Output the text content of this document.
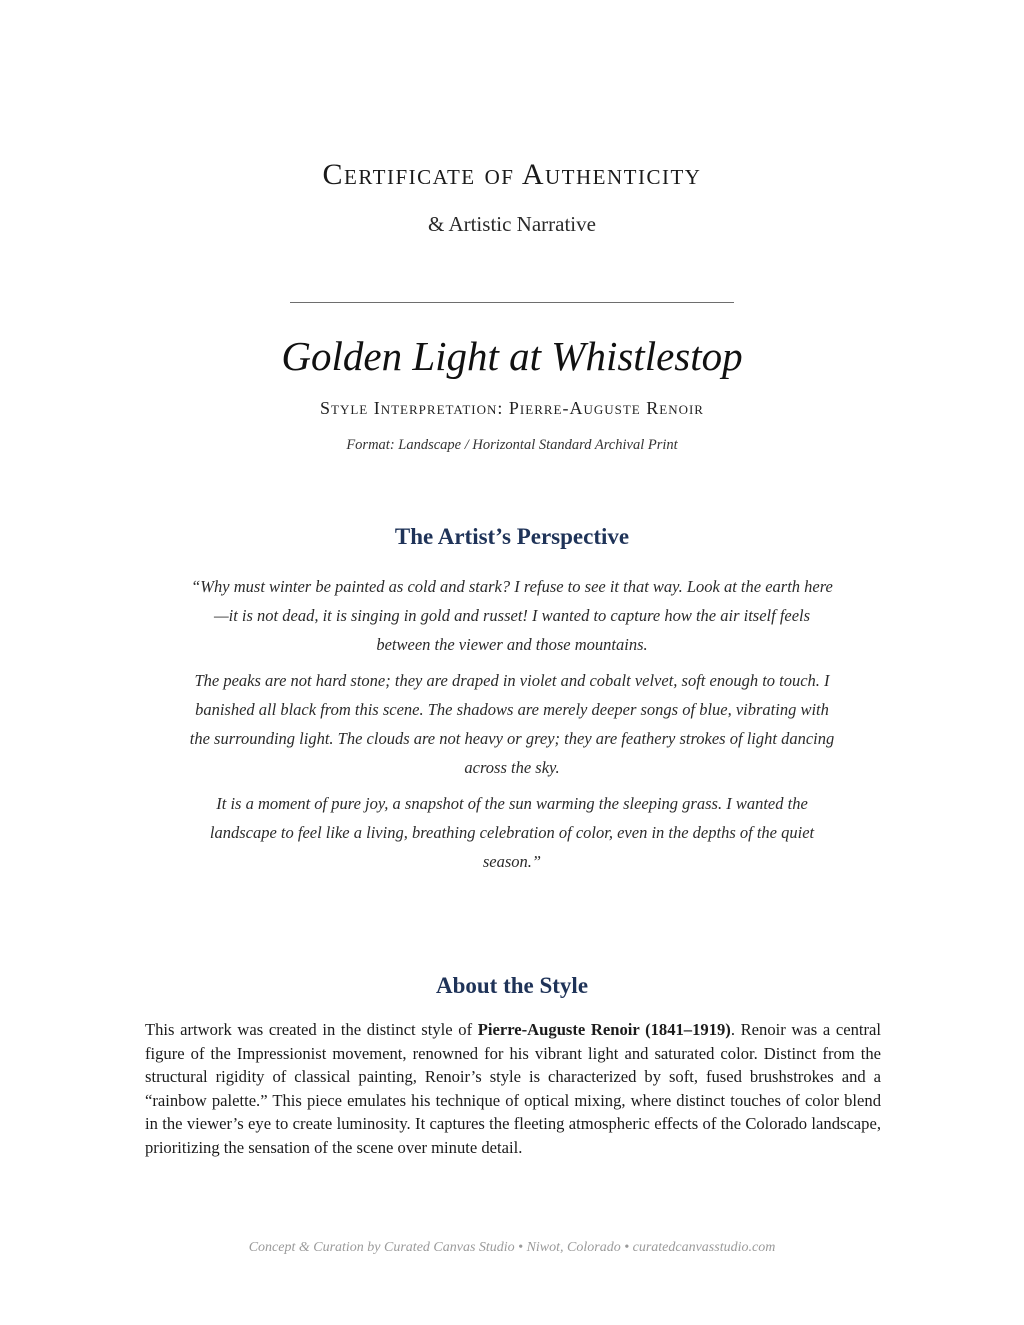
Certificate of Authenticity
& Artistic Narrative
Golden Light at Whistlestop
Style Interpretation: Pierre-Auguste Renoir
Format: Landscape / Horizontal Standard Archival Print
The Artist’s Perspective

“Why must winter be painted as cold and stark? I refuse to see it that way. Look at the earth here—it is not dead, it is singing in gold and russet! I wanted to capture how the air itself feels between the viewer and those mountains.

The peaks are not hard stone; they are draped in violet and cobalt velvet, soft enough to touch. I banished all black from this scene. The shadows are merely deeper songs of blue, vibrating with the surrounding light. The clouds are not heavy or grey; they are feathery strokes of light dancing across the sky.

It is a moment of pure joy, a snapshot of the sun warming the sleeping grass. I wanted the landscape to feel like a living, breathing celebration of color, even in the depths of the quiet season.”

About the Style
This artwork was created in the distinct style of Pierre-Auguste Renoir (1841–1919). Renoir was a central figure of the Impressionist movement, renowned for his vibrant light and saturated color. Distinct from the structural rigidity of classical painting, Renoir’s style is characterized by soft, fused brushstrokes and a “rainbow palette.” This piece emulates his technique of optical mixing, where distinct touches of color blend in the viewer’s eye to create luminosity. It captures the fleeting atmospheric effects of the Colorado landscape, prioritizing the sensation of the scene over minute detail.
Concept & Curation by Curated Canvas Studio • Niwot, Colorado • curatedcanvasstudio.com
